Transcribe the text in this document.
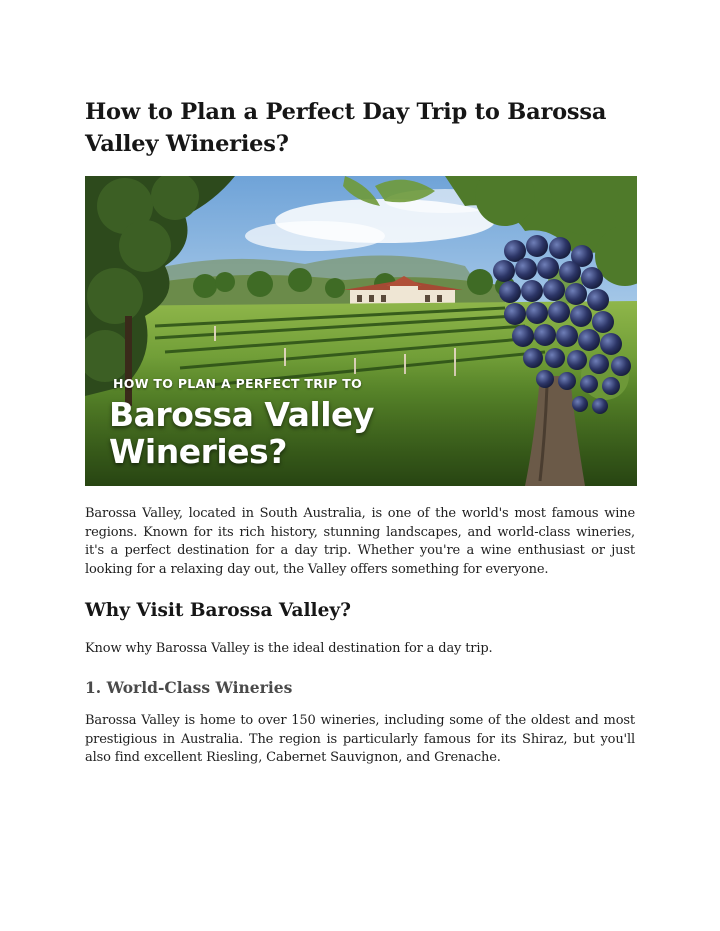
How to Plan a Perfect Day Trip to Barossa Valley Wineries?
HOW TO PLAN A PERFECT TRIP TO
Barossa Valley
Wineries?

Barossa Valley, located in South Australia, is one of the world's most famous wine regions. Known for its rich history, stunning landscapes, and world-class wineries, it's a perfect destination for a day trip. Whether you're a wine enthusiast or just looking for a relaxing day out, the Valley offers something for everyone.

Why Visit Barossa Valley?

Know why Barossa Valley is the ideal destination for a day trip.

1. World-Class Wineries

Barossa Valley is home to over 150 wineries, including some of the oldest and most prestigious in Australia. The region is particularly famous for its Shiraz, but you'll also find excellent Riesling, Cabernet Sauvignon, and Grenache.
